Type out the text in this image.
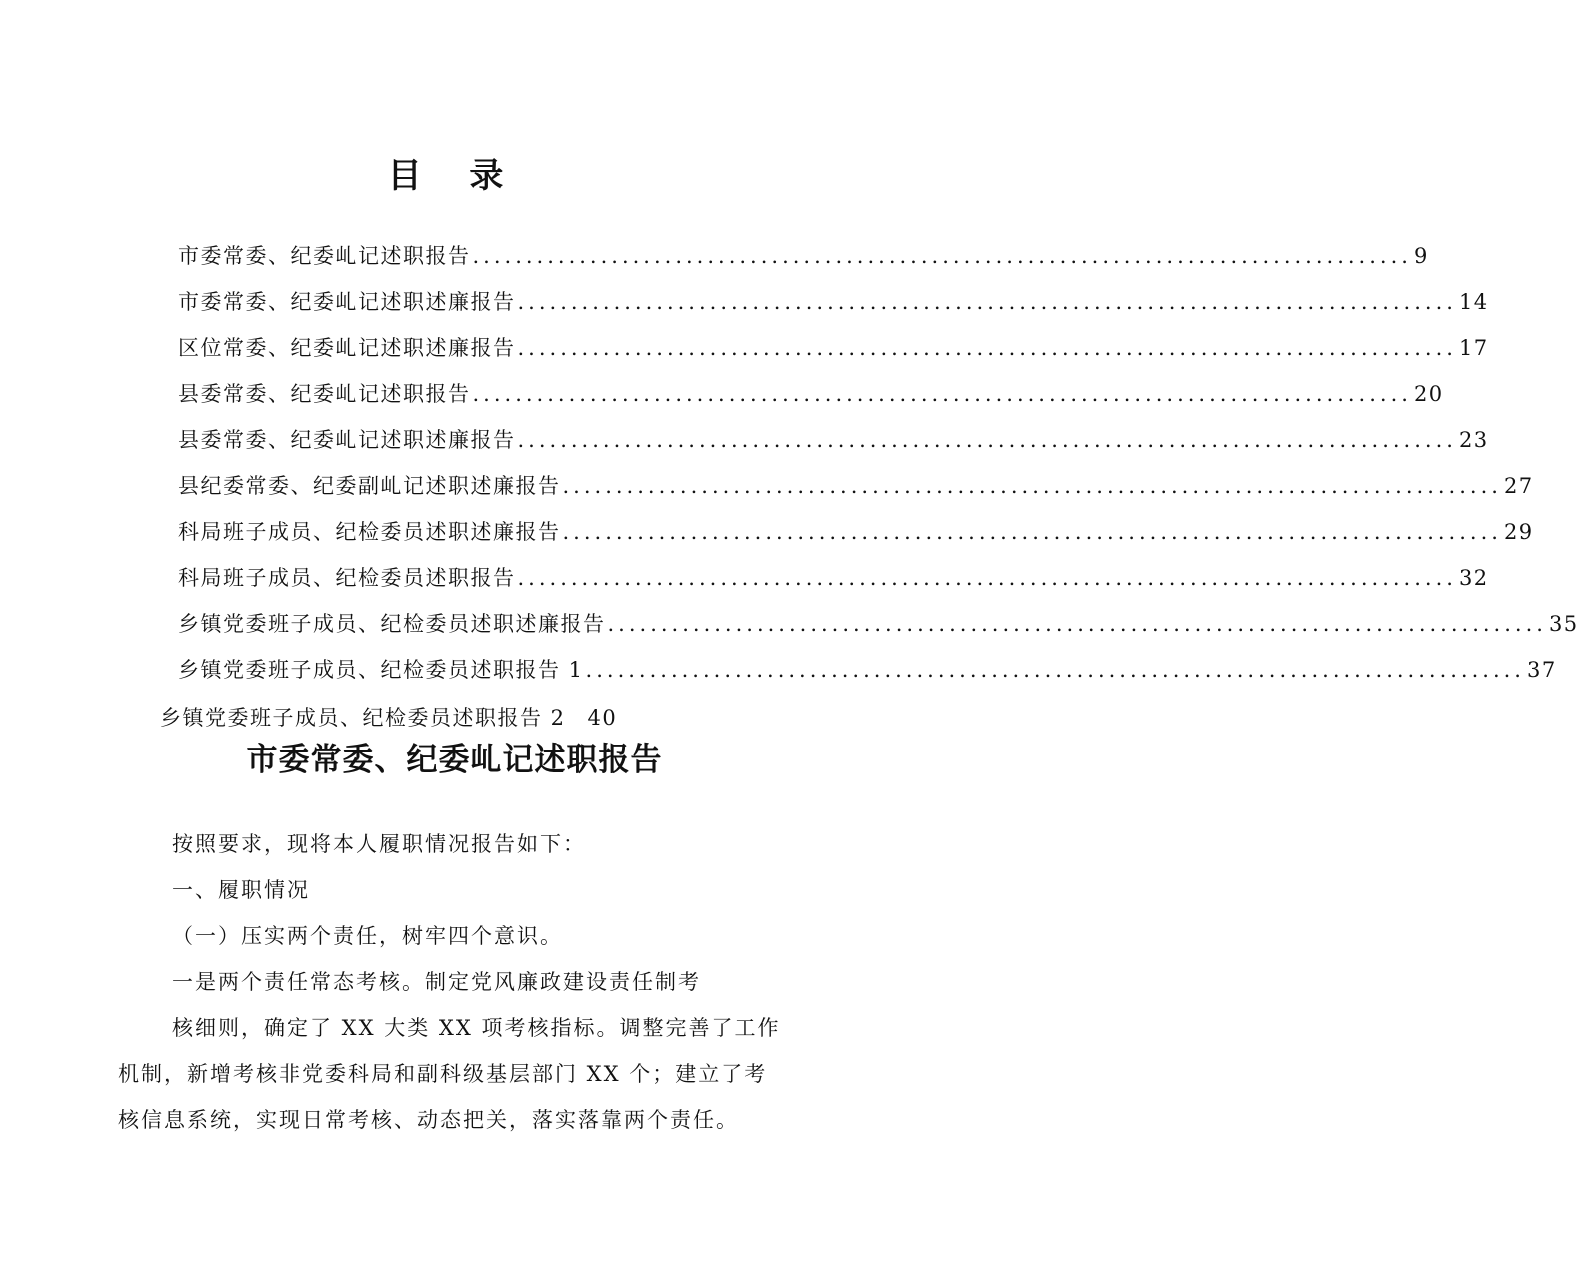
目 录
市委常委、纪委乢记述职报告 ........................................................................................ 9
市委常委、纪委乢记述职述廉报告 ........................................................................................ 14
区位常委、纪委乢记述职述廉报告 ........................................................................................ 17
县委常委、纪委乢记述职报告 ........................................................................................ 20
县委常委、纪委乢记述职述廉报告 ........................................................................................ 23
县纪委常委、纪委副乢记述职述廉报告 ........................................................................................ 27
科局班子成员、纪检委员述职述廉报告 ........................................................................................ 29
科局班子成员、纪检委员述职报告 ........................................................................................ 32
乡镇党委班子成员、纪检委员述职述廉报告 ........................................................................................ 35
乡镇党委班子成员、纪检委员述职报告 1 ........................................................................................ 37
乡镇党委班子成员、纪检委员述职报告 2 40
市委常委、纪委乢记述职报告
按照要求，现将本人履职情况报告如下：
一、履职情况
（一）压实两个责任，树牢四个意识。
一是两个责任常态考核。制定党风廉政建设责任制考
核细则，确定了 XX 大类 XX 项考核指标。调整完善了工作
机制，新增考核非党委科局和副科级基层部门 XX 个；建立了考
核信息系统，实现日常考核、动态把关，落实落靠两个责任。
